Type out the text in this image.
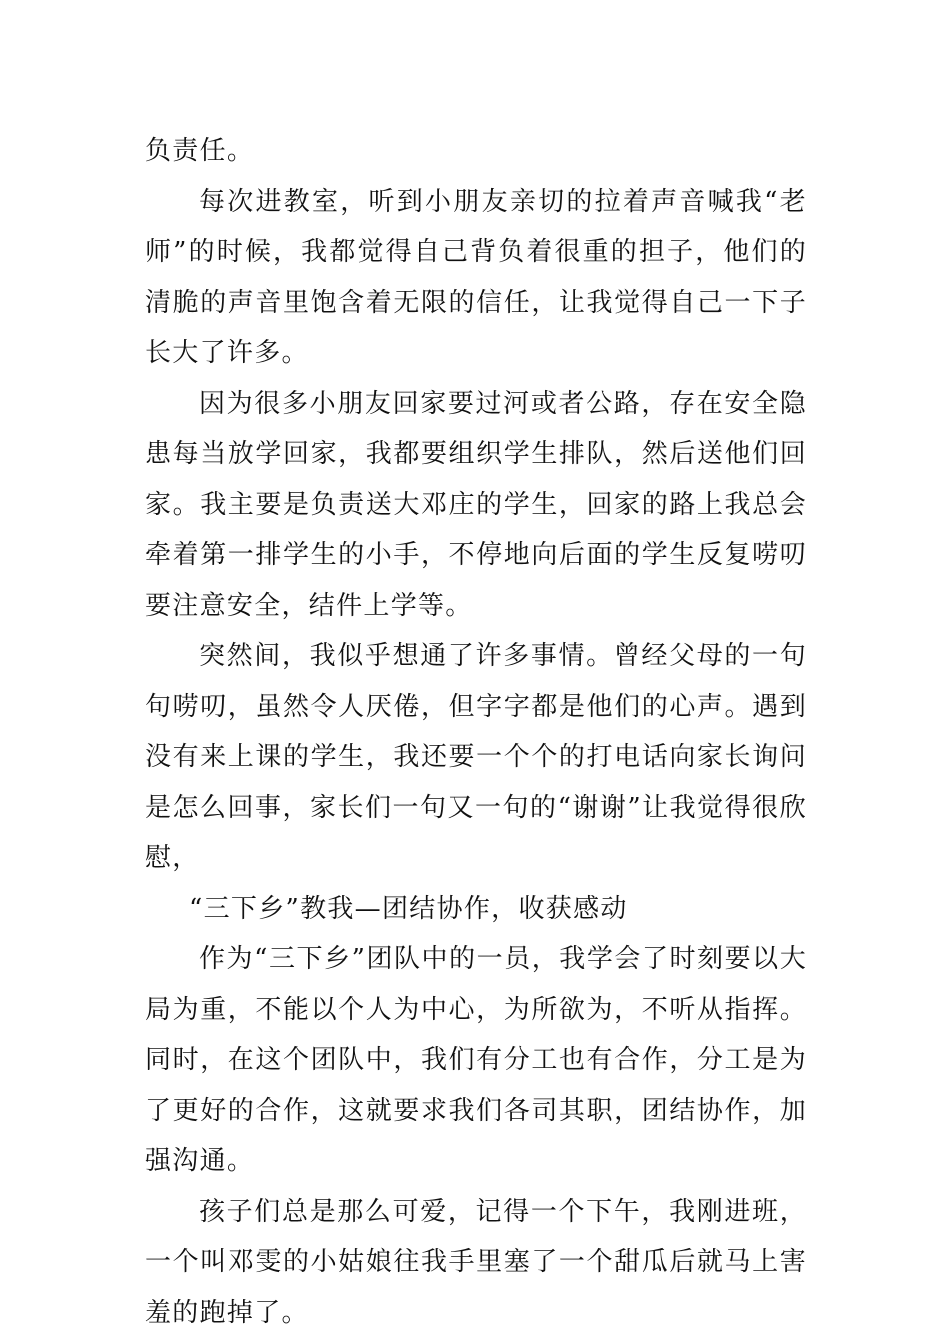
负责任。

每次进教室，听到小朋友亲切的拉着声音喊我“老师”的时候，我都觉得自己背负着很重的担子，他们的清脆的声音里饱含着无限的信任，让我觉得自己一下子长大了许多。

因为很多小朋友回家要过河或者公路，存在安全隐患每当放学回家，我都要组织学生排队，然后送他们回家。我主要是负责送大邓庄的学生，回家的路上我总会牵着第一排学生的小手，不停地向后面的学生反复唠叨要注意安全，结件上学等。

突然间，我似乎想通了许多事情。曾经父母的一句句唠叨，虽然令人厌倦，但字字都是他们的心声。遇到没有来上课的学生，我还要一个个的打电话向家长询问是怎么回事，家长们一句又一句的“谢谢”让我觉得很欣慰，

“三下乡”教我—团结协作，收获感动

作为“三下乡”团队中的一员，我学会了时刻要以大局为重，不能以个人为中心，为所欲为，不听从指挥。同时，在这个团队中，我们有分工也有合作，分工是为了更好的合作，这就要求我们各司其职，团结协作，加强沟通。

孩子们总是那么可爱，记得一个下午，我刚进班，一个叫邓雯的小姑娘往我手里塞了一个甜瓜后就马上害羞的跑掉了。
